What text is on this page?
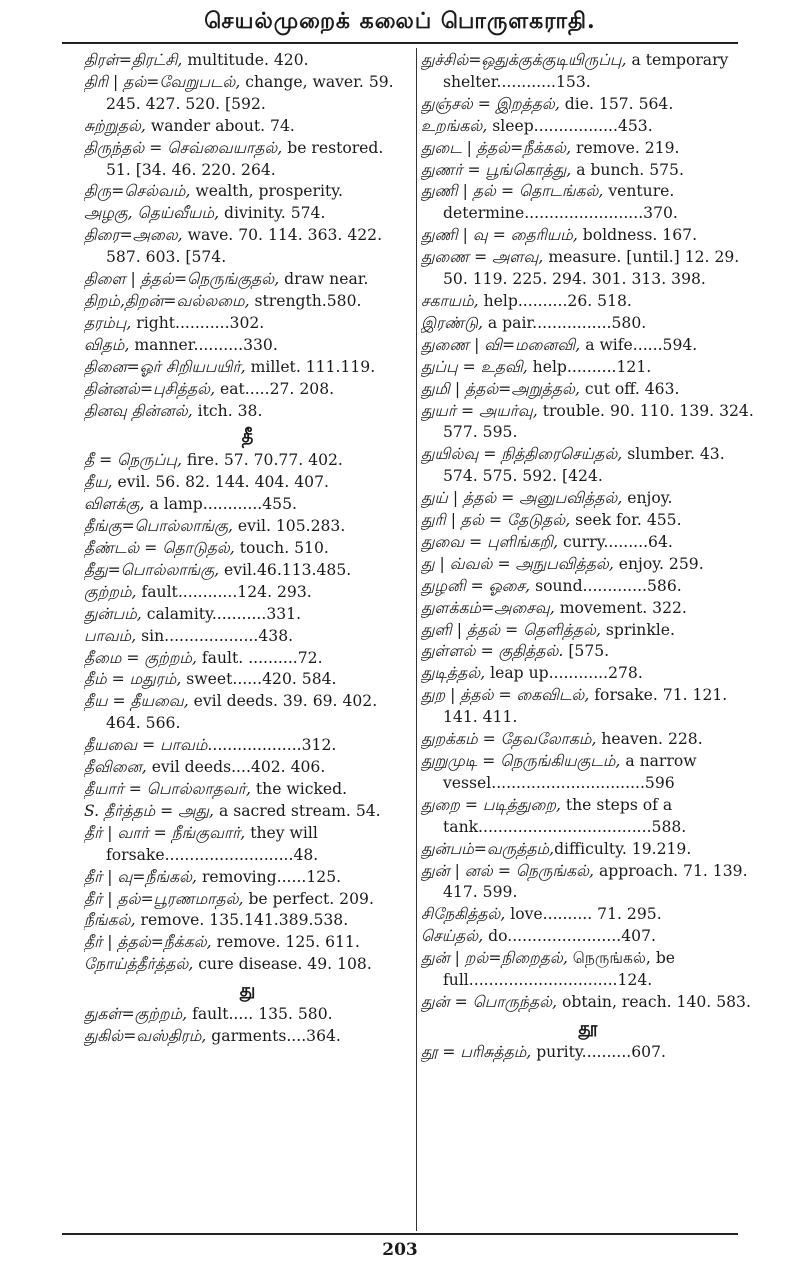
செயல்முறைக் கலைப் பொருளகராதி.

திரள்=திரட்சி, multitude. 420.

திரி | தல்=வேறுபடல், change, waver. 59. 245. 427. 520. [592.

சுற்றுதல், wander about. 74.

திருந்தல் = செவ்வையாதல், be restored. 51. [34. 46. 220. 264.

திரு=செல்வம், wealth, prosperity.

அழகு, தெய்வீயம், divinity. 574.

திரை=அலை, wave. 70. 114. 363. 422. 587. 603. [574.

திளை | த்தல்=நெருங்குதல், draw near.

திறம்,திறன்=வல்லமை, strength.580.

தரம்பு, right...........302.

விதம், manner..........330.

தினை=ஓர் சிறியபயிர், millet. 111.119.

தின்னல்=புசித்தல், eat.....27. 208.

தினவு தின்னல், itch. 38.

தீ

தீ = நெருப்பு, fire. 57. 70.77. 402.

தீய, evil. 56. 82. 144. 404. 407.

விளக்கு, a lamp............455.

தீங்கு=பொல்லாங்கு, evil. 105.283.

தீண்டல் = தொடுதல், touch. 510.

தீது=பொல்லாங்கு, evil.46.113.485.

குற்றம், fault............124. 293.

துன்பம், calamity...........331.

பாவம், sin...................438.

தீமை = குற்றம், fault. ..........72.

தீம் = மதுரம், sweet......420. 584.

தீய = தீயவை, evil deeds. 39. 69. 402. 464. 566.

தீயவை = பாவம்...................312.

தீவினை, evil deeds....402. 406.

தீயார் = பொல்லாதவர், the wicked.

S. தீர்த்தம் = அது, a sacred stream. 54.

தீர் | வார் = நீங்குவார், they will forsake..........................48.

தீர் | வு=நீங்கல், removing......125.

தீர் | தல்=பூரணமாதல், be perfect. 209.

நீங்கல், remove. 135.141.389.538.

தீர் | த்தல்=நீக்கல், remove. 125. 611.

நோய்த்தீர்த்தல், cure disease. 49. 108.

து

துகள்=குற்றம், fault..... 135. 580.

துகில்=வஸ்திரம், garments....364.

துச்சில்=ஒதுக்குக்குடியிருப்பு, a temporary shelter............153.

துஞ்சல் = இறத்தல், die. 157. 564.

உறங்கல், sleep.................453.

துடை | த்தல்=நீக்கல், remove. 219.

துணர் = பூங்கொத்து, a bunch. 575.

துணி | தல் = தொடங்கல், venture. determine........................370.

துணி | வு = தைரியம், boldness. 167.

துணை = அளவு, measure. [until.] 12. 29. 50. 119. 225. 294. 301. 313. 398.

சகாயம், help..........26. 518.

இரண்டு, a pair................580.

துணை | வி=மனைவி, a wife......594.

துப்பு = உதவி, help..........121.

துமி | த்தல்=அறுத்தல், cut off. 463.

துயர் = அயர்வு, trouble. 90. 110. 139. 324. 577. 595.

துயில்வு = நித்திரைசெய்தல், slumber. 43. 574. 575. 592. [424.

துய் | த்தல் = அனுபவித்தல், enjoy.

துரி | தல் = தேடுதல், seek for. 455.

துவை = புளிங்கறி, curry.........64.

து | வ்வல் = அநுபவித்தல், enjoy. 259.

துழனி = ஓசை, sound.............586.

துளக்கம்=அசைவு, movement. 322.

துளி | த்தல் = தெளித்தல், sprinkle.

துள்ளல் = குதித்தல். [575.

துடித்தல், leap up............278.

துற | த்தல் = கைவிடல், forsake. 71. 121. 141. 411.

துறக்கம் = தேவலோகம், heaven. 228.

துறுமுடி = நெருங்கியகுடம், a narrow vessel...............................596

துறை = படித்துறை, the steps of a tank...................................588.

துன்பம்=வருத்தம்,difficulty. 19.219.

துன் | னல் = நெருங்கல், approach. 71. 139. 417. 599.

சிநேகித்தல், love.......... 71. 295.

செய்தல், do.......................407.

துன் | றல்=நிறைதல், நெருங்கல், be full..............................124.

துன் = பொருந்தல், obtain, reach. 140. 583.

தூ

தூ = பரிசுத்தம், purity..........607.

203
